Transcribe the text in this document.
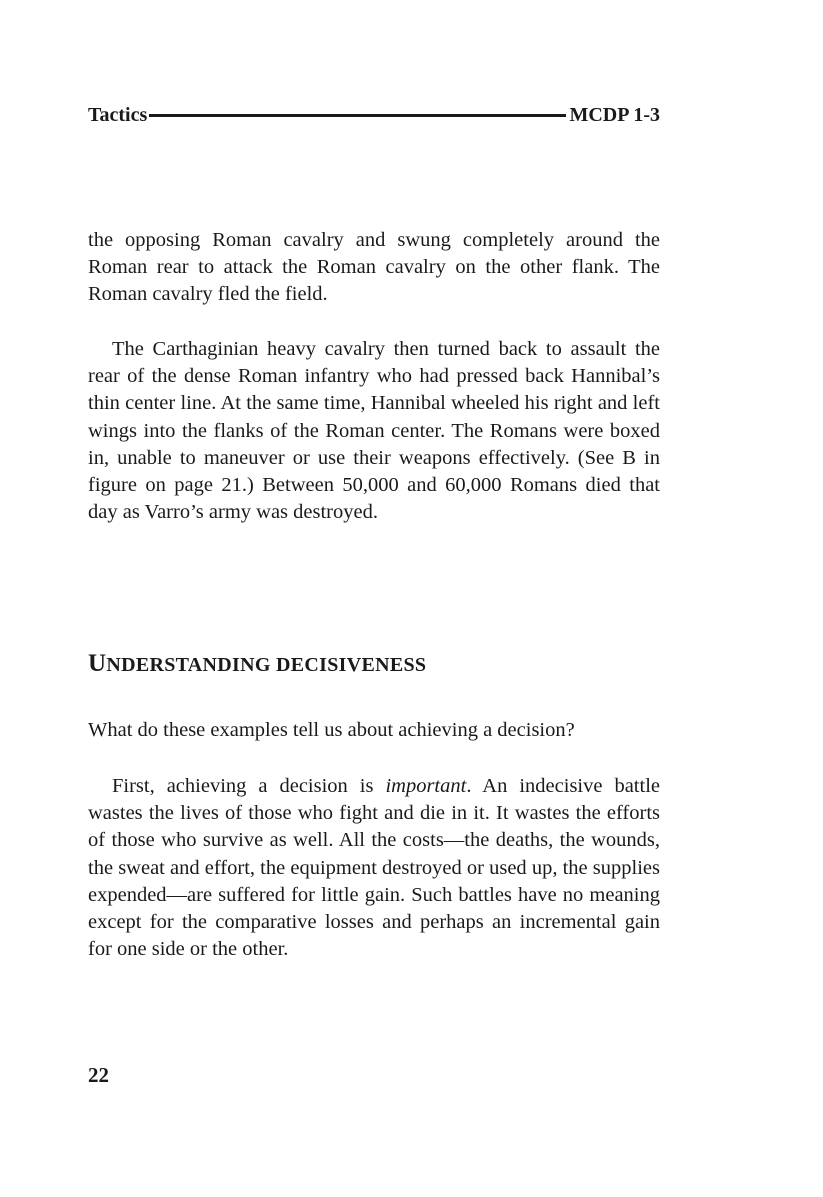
Tactics	MCDP 1-3

the opposing Roman cavalry and swung completely around the Roman rear to attack the Roman cavalry on the other flank. The Roman cavalry fled the field.

The Carthaginian heavy cavalry then turned back to assault the rear of the dense Roman infantry who had pressed back Hannibal’s thin center line. At the same time, Hannibal wheeled his right and left wings into the flanks of the Roman center. The Romans were boxed in, unable to maneuver or use their weapons effectively. (See B in figure on page 21.) Between 50,000 and 60,000 Romans died that day as Varro’s army was destroyed.

UNDERSTANDING DECISIVENESS

What do these examples tell us about achieving a decision?

First, achieving a decision is important. An indecisive battle wastes the lives of those who fight and die in it. It wastes the efforts of those who survive as well. All the costs—the deaths, the wounds, the sweat and effort, the equipment destroyed or used up, the supplies expended—are suffered for little gain. Such battles have no meaning except for the comparative losses and perhaps an incremental gain for one side or the other.

22
